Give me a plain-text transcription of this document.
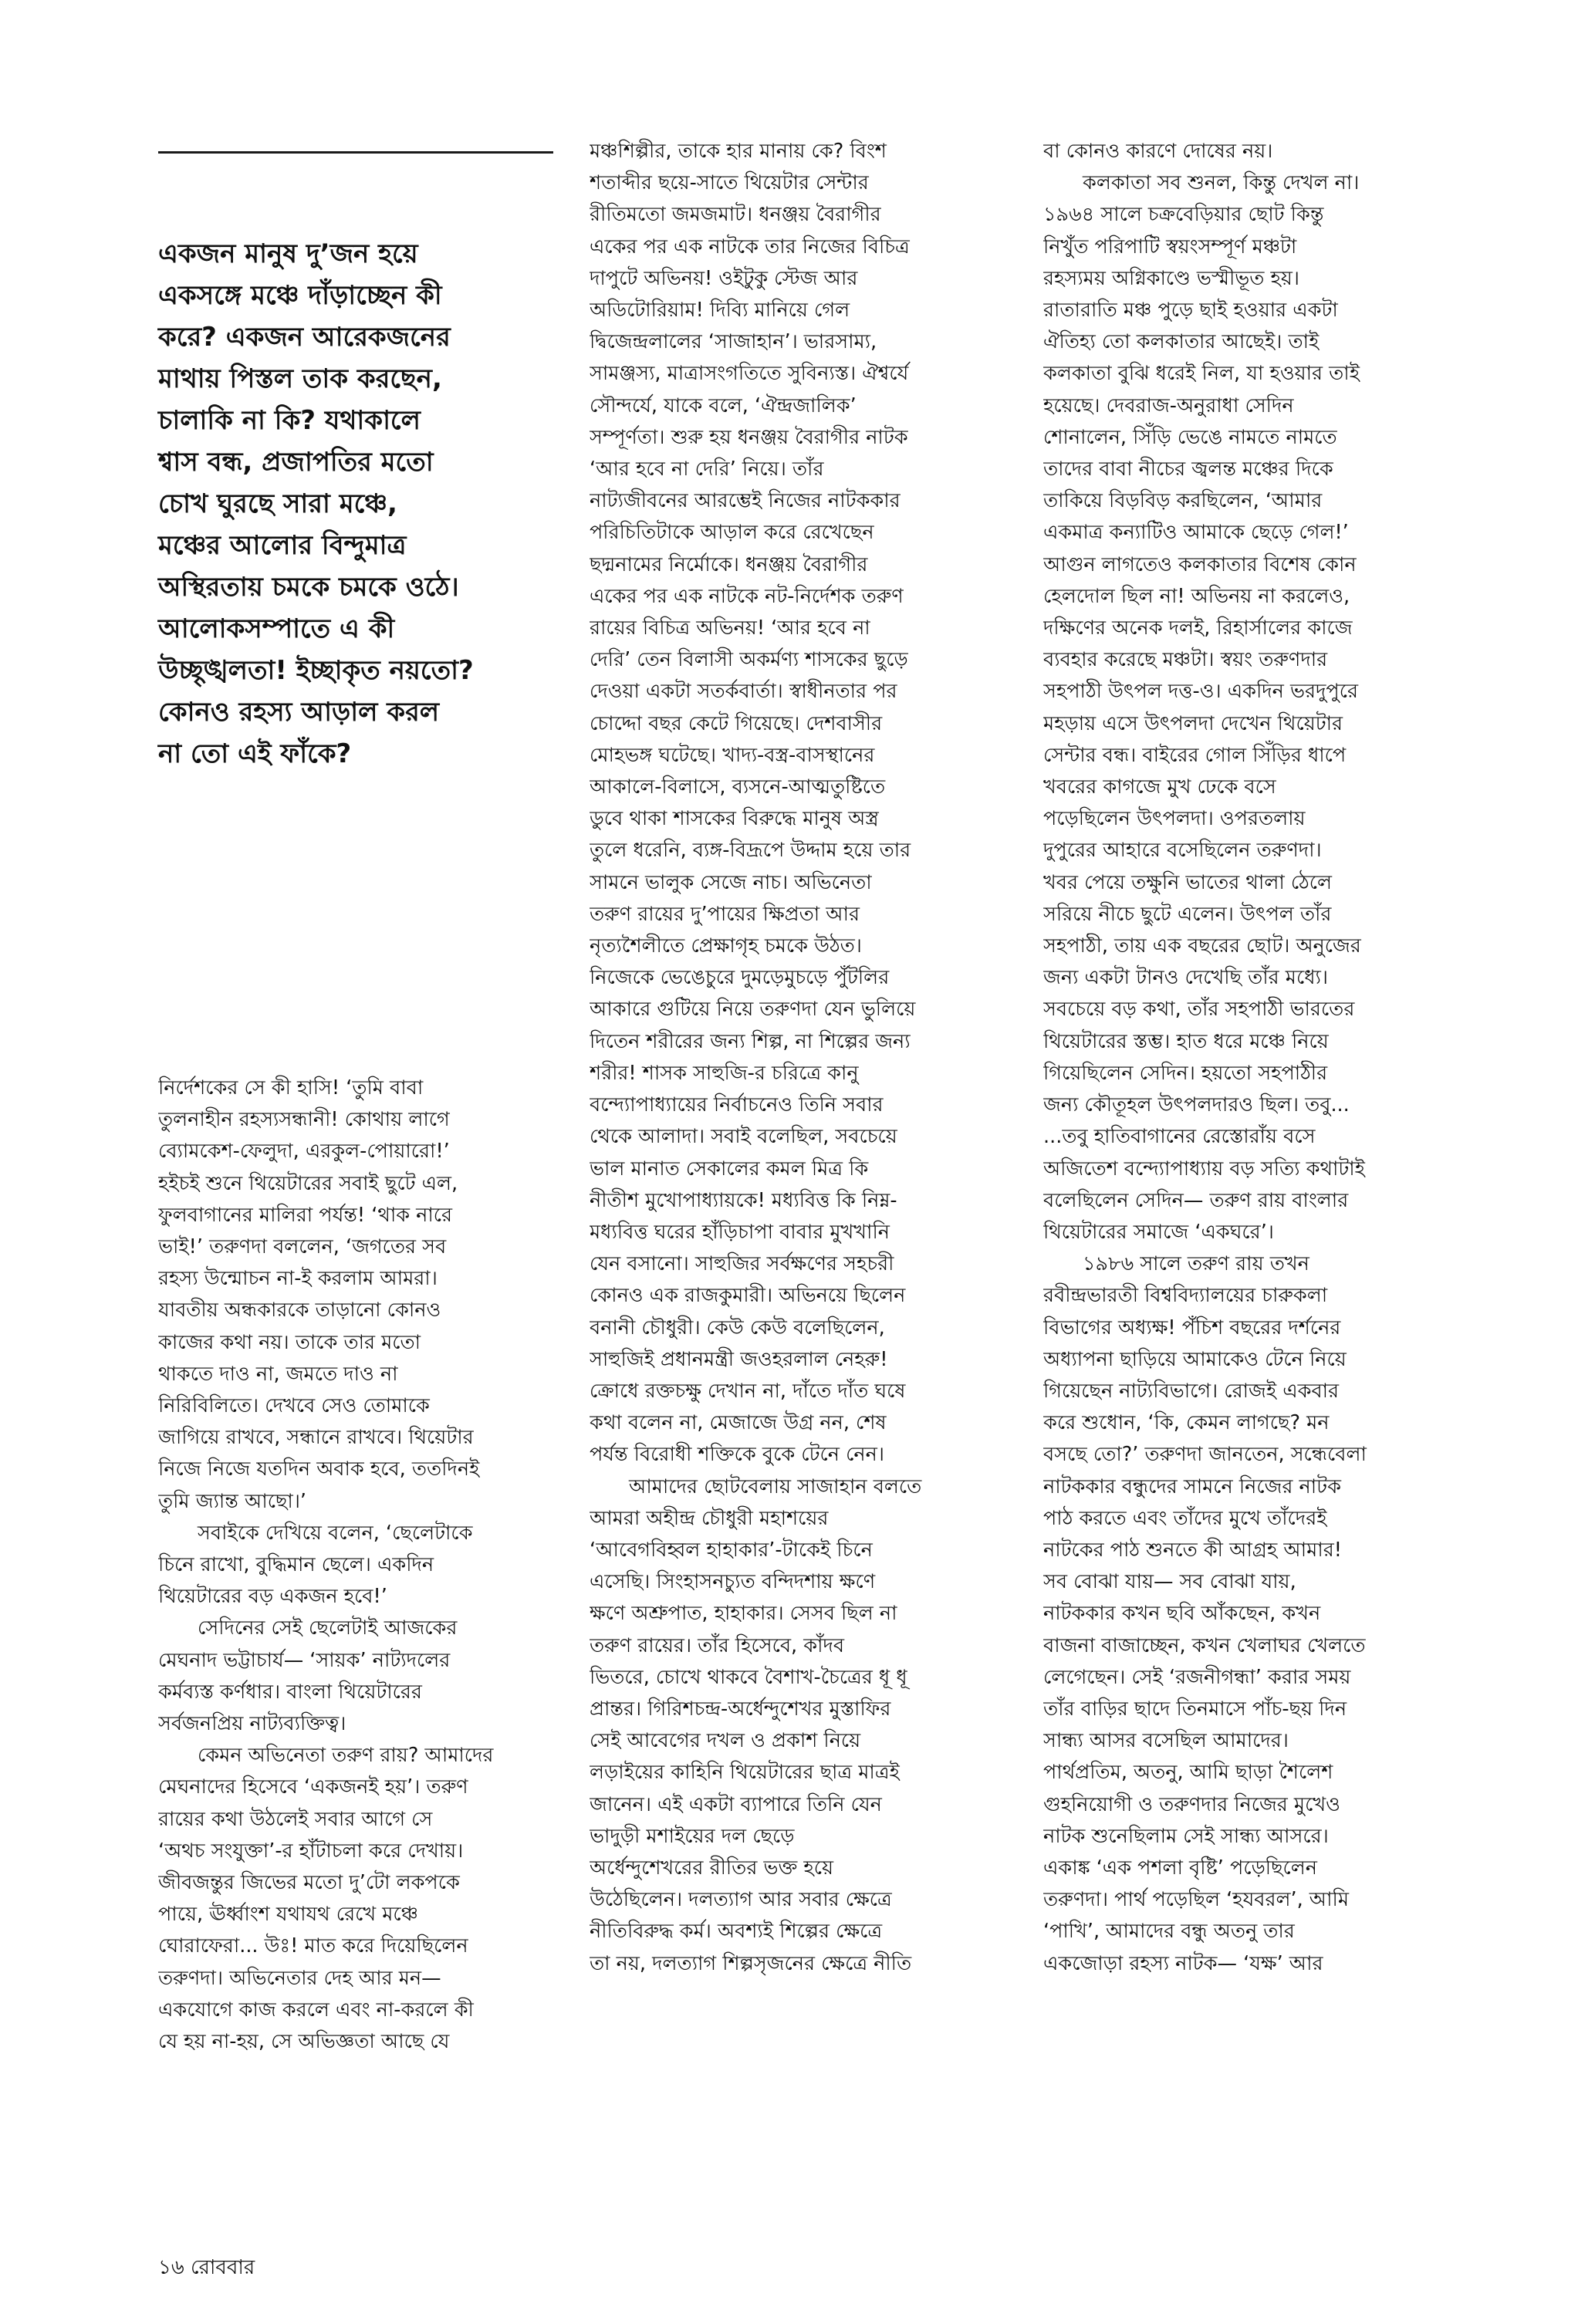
একজন মানুষ দু’জন হয়ে

একসঙ্গে মঞ্চে দাঁড়াচ্ছেন কী

করে? একজন আরেকজনের

মাথায় পিস্তল তাক করছেন,

চালাকি না কি? যথাকালে

শ্বাস বন্ধ, প্রজাপতির মতো

চোখ ঘুরছে সারা মঞ্চে,

মঞ্চের আলোর বিন্দুমাত্র

অস্থিরতায় চমকে চমকে ওঠে।

আলোকসম্পাতে এ কী

উচ্ছৃঙ্খলতা! ইচ্ছাকৃত নয়তো?

কোনও রহস্য আড়াল করল

না তো এই ফাঁকে?

নির্দেশকের সে কী হাসি! ‘তুমি বাবা

তুলনাহীন রহস্যসন্ধানী! কোথায় লাগে

ব্যোমকেশ-ফেলুদা, এরকুল-পোয়ারো!’

হইচই শুনে থিয়েটারের সবাই ছুটে এল,

ফুলবাগানের মালিরা পর্যন্ত! ‘থাক নারে

ভাই!’ তরুণদা বললেন, ‘জগতের সব

রহস্য উন্মোচন না-ই করলাম আমরা।

যাবতীয় অন্ধকারকে তাড়ানো কোনও

কাজের কথা নয়। তাকে তার মতো

থাকতে দাও না, জমতে দাও না

নিরিবিলিতে। দেখবে সেও তোমাকে

জাগিয়ে রাখবে, সন্ধানে রাখবে। থিয়েটার

নিজে নিজে যতদিন অবাক হবে, ততদিনই

তুমি জ্যান্ত আছো।’

  সবাইকে দেখিয়ে বলেন, ‘ছেলেটাকে

চিনে রাখো, বুদ্ধিমান ছেলে। একদিন

থিয়েটারের বড় একজন হবে!’

  সেদিনের সেই ছেলেটাই আজকের

মেঘনাদ ভট্টাচার্য— ‘সায়ক’ নাট্যদলের

কর্মব্যস্ত কর্ণধার। বাংলা থিয়েটারের

সর্বজনপ্রিয় নাট্যব্যক্তিত্ব।

  কেমন অভিনেতা তরুণ রায়? আমাদের

মেঘনাদের হিসেবে ‘একজনই হয়’। তরুণ

রায়ের কথা উঠলেই সবার আগে সে

‘অথচ সংযুক্তা’-র হাঁটাচলা করে দেখায়।

জীবজন্তুর জিভের মতো দু’টো লকপকে

পায়ে, ঊর্ধ্বাংশ যথাযথ রেখে মঞ্চে

ঘোরাফেরা... উঃ! মাত করে দিয়েছিলেন

তরুণদা। অভিনেতার দেহ আর মন—

একযোগে কাজ করলে এবং না-করলে কী

যে হয় না-হয়, সে অভিজ্ঞতা আছে যে

মঞ্চশিল্পীর, তাকে হার মানায় কে? বিংশ

শতাব্দীর ছয়ে-সাতে থিয়েটার সেন্টার

রীতিমতো জমজমাট। ধনঞ্জয় বৈরাগীর

একের পর এক নাটকে তার নিজের বিচিত্র

দাপুটে অভিনয়! ওইটুকু স্টেজ আর

অডিটোরিয়াম! দিব্যি মানিয়ে গেল

দ্বিজেন্দ্রলালের ‘সাজাহান’। ভারসাম্য,

সামঞ্জস্য, মাত্রাসংগতিতে সুবিন্যস্ত। ঐশ্বর্যে

সৌন্দর্যে, যাকে বলে, ‘ঐন্দ্রজালিক’

সম্পূর্ণতা। শুরু হয় ধনঞ্জয় বৈরাগীর নাটক

‘আর হবে না দেরি’ নিয়ে। তাঁর

নাট্যজীবনের আরম্ভেই নিজের নাটককার

পরিচিতিটাকে আড়াল করে রেখেছেন

ছদ্মনামের নির্মোকে। ধনঞ্জয় বৈরাগীর

একের পর এক নাটকে নট-নির্দেশক তরুণ

রায়ের বিচিত্র অভিনয়! ‘আর হবে না

দেরি’ তেন বিলাসী অকর্মণ্য শাসকের ছুড়ে

দেওয়া একটা সতর্কবার্তা। স্বাধীনতার পর

চোদ্দো বছর কেটে গিয়েছে। দেশবাসীর

মোহভঙ্গ ঘটেছে। খাদ্য-বস্ত্র-বাসস্থানের

আকালে-বিলাসে, ব্যসনে-আত্মতুষ্টিতে

ডুবে থাকা শাসকের বিরুদ্ধে মানুষ অস্ত্র

তুলে ধরেনি, ব্যঙ্গ-বিদ্রূপে উদ্দাম হয়ে তার

সামনে ভালুক সেজে নাচ। অভিনেতা

তরুণ রায়ের দু’পায়ের ক্ষিপ্রতা আর

নৃত্যশৈলীতে প্রেক্ষাগৃহ চমকে উঠত।

নিজেকে ভেঙেচুরে দুমড়েমুচড়ে পুঁটলির

আকারে গুটিয়ে নিয়ে তরুণদা যেন ভুলিয়ে

দিতেন শরীরের জন্য শিল্প, না শিল্পের জন্য

শরীর! শাসক সাহুজি-র চরিত্রে কানু

বন্দ্যোপাধ্যায়ের নির্বাচনেও তিনি সবার

থেকে আলাদা। সবাই বলেছিল, সবচেয়ে

ভাল মানাত সেকালের কমল মিত্র কি

নীতীশ মুখোপাধ্যায়কে! মধ্যবিত্ত কি নিম্ন-

মধ্যবিত্ত ঘরের হাঁড়িচাপা বাবার মুখখানি

যেন বসানো। সাহুজির সর্বক্ষণের সহচরী

কোনও এক রাজকুমারী। অভিনয়ে ছিলেন

বনানী চৌধুরী। কেউ কেউ বলেছিলেন,

সাহুজিই প্রধানমন্ত্রী জওহরলাল নেহরু!

ক্রোধে রক্তচক্ষু দেখান না, দাঁতে দাঁত ঘষে

কথা বলেন না, মেজাজে উগ্র নন, শেষ

পর্যন্ত বিরোধী শক্তিকে বুকে টেনে নেন।

  আমাদের ছোটবেলায় সাজাহান বলতে

আমরা অহীন্দ্র চৌধুরী মহাশয়ের

‘আবেগবিহ্বল হাহাকার’-টাকেই চিনে

এসেছি। সিংহাসনচ্যুত বন্দিদশায় ক্ষণে

ক্ষণে অশ্রুপাত, হাহাকার। সেসব ছিল না

তরুণ রায়ের। তাঁর হিসেবে, কাঁদব

ভিতরে, চোখে থাকবে বৈশাখ-চৈত্রের ধূ ধূ

প্রান্তর। গিরিশচন্দ্র-অর্ধেন্দুশেখর মুস্তাফির

সেই আবেগের দখল ও প্রকাশ নিয়ে

লড়াইয়ের কাহিনি থিয়েটারের ছাত্র মাত্রই

জানেন। এই একটা ব্যাপারে তিনি যেন

ভাদুড়ী মশাইয়ের দল ছেড়ে

অর্ধেন্দুশেখরের রীতির ভক্ত হয়ে

উঠেছিলেন। দলত্যাগ আর সবার ক্ষেত্রে

নীতিবিরুদ্ধ কর্ম। অবশ্যই শিল্পের ক্ষেত্রে

তা নয়, দলত্যাগ শিল্পসৃজনের ক্ষেত্রে নীতি

বা কোনও কারণে দোষের নয়।

  কলকাতা সব শুনল, কিন্তু দেখল না।

১৯৬৪ সালে চক্রবেড়িয়ার ছোট কিন্তু

নিখুঁত পরিপাটি স্বয়ংসম্পূর্ণ মঞ্চটা

রহস্যময় অগ্নিকাণ্ডে ভস্মীভূত হয়।

রাতারাতি মঞ্চ পুড়ে ছাই হওয়ার একটা

ঐতিহ্য তো কলকাতার আছেই। তাই

কলকাতা বুঝি ধরেই নিল, যা হওয়ার তাই

হয়েছে। দেবরাজ-অনুরাধা সেদিন

শোনালেন, সিঁড়ি ভেঙে নামতে নামতে

তাদের বাবা নীচের জ্বলন্ত মঞ্চের দিকে

তাকিয়ে বিড়বিড় করছিলেন, ‘আমার

একমাত্র কন্যাটিও আমাকে ছেড়ে গেল!’

আগুন লাগতেও কলকাতার বিশেষ কোন

হেলদোল ছিল না! অভিনয় না করলেও,

দক্ষিণের অনেক দলই, রিহার্সালের কাজে

ব্যবহার করেছে মঞ্চটা। স্বয়ং তরুণদার

সহপাঠী উৎপল দত্ত-ও। একদিন ভরদুপুরে

মহড়ায় এসে উৎপলদা দেখেন থিয়েটার

সেন্টার বন্ধ। বাইরের গোল সিঁড়ির ধাপে

খবরের কাগজে মুখ ঢেকে বসে

পড়েছিলেন উৎপলদা। ওপরতলায়

দুপুরের আহারে বসেছিলেন তরুণদা।

খবর পেয়ে তক্ষুনি ভাতের থালা ঠেলে

সরিয়ে নীচে ছুটে এলেন। উৎপল তাঁর

সহপাঠী, তায় এক বছরের ছোট। অনুজের

জন্য একটা টানও দেখেছি তাঁর মধ্যে।

সবচেয়ে বড় কথা, তাঁর সহপাঠী ভারতের

থিয়েটারের স্তম্ভ। হাত ধরে মঞ্চে নিয়ে

গিয়েছিলেন সেদিন। হয়তো সহপাঠীর

জন্য কৌতূহল উৎপলদারও ছিল। তবু...

...তবু হাতিবাগানের রেস্তোরাঁয় বসে

অজিতেশ বন্দ্যোপাধ্যায় বড় সত্যি কথাটাই

বলেছিলেন সেদিন— তরুণ রায় বাংলার

থিয়েটারের সমাজে ‘একঘরে’।

  ১৯৮৬ সালে তরুণ রায় তখন

রবীন্দ্রভারতী বিশ্ববিদ্যালয়ের চারুকলা

বিভাগের অধ্যক্ষ! পঁচিশ বছরের দর্শনের

অধ্যাপনা ছাড়িয়ে আমাকেও টেনে নিয়ে

গিয়েছেন নাট্যবিভাগে। রোজই একবার

করে শুধোন, ‘কি, কেমন লাগছে? মন

বসছে তো?’ তরুণদা জানতেন, সন্ধেবেলা

নাটককার বন্ধুদের সামনে নিজের নাটক

পাঠ করতে এবং তাঁদের মুখে তাঁদেরই

নাটকের পাঠ শুনতে কী আগ্রহ আমার!

সব বোঝা যায়— সব বোঝা যায়,

নাটককার কখন ছবি আঁকছেন, কখন

বাজনা বাজাচ্ছেন, কখন খেলাঘর খেলতে

লেগেছেন। সেই ‘রজনীগন্ধা’ করার সময়

তাঁর বাড়ির ছাদে তিনমাসে পাঁচ-ছয় দিন

সান্ধ্য আসর বসেছিল আমাদের।

পার্থপ্রতিম, অতনু, আমি ছাড়া শৈলেশ

গুহনিয়োগী ও তরুণদার নিজের মুখেও

নাটক শুনেছিলাম সেই সান্ধ্য আসরে।

একাঙ্ক ‘এক পশলা বৃষ্টি’ পড়েছিলেন

তরুণদা। পার্থ পড়েছিল ‘হযবরল’, আমি

‘পাখি’, আমাদের বন্ধু অতনু তার

একজোড়া রহস্য নাটক— ‘যক্ষ’ আর

১৬ রোববার
